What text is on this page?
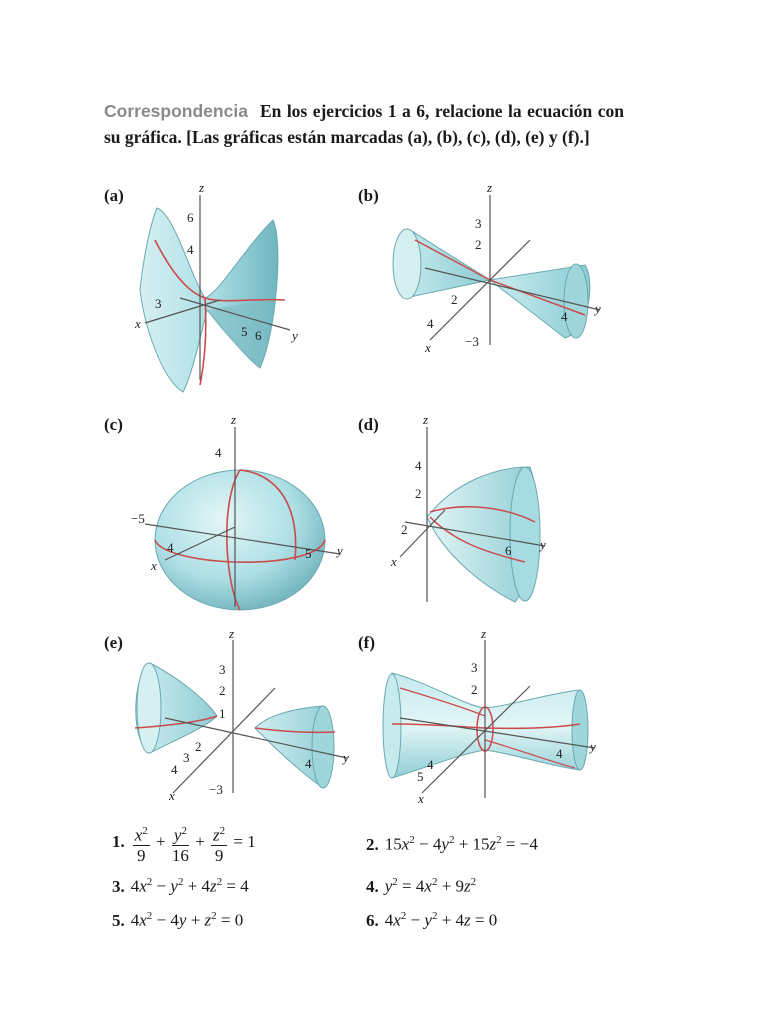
Correspondencia En los ejercicios 1 a 6, relacione la ecuación con su gráfica. [Las gráficas están marcadas (a), (b), (c), (d), (e) y (f).]
(a)	(b)
(c)	(d)
(e)	(f)
z
x
y
6
4
3
5 6
z
x
y
3
2
2
4	4
−3
z
x
y
4
−5
4	5
z
x
y
4
2
2
6
z
x
y
3
2
1
2
3
4	4
−3
z
x
y
3
2
4
5
4
1. $\frac{x^2}{9} + \frac{y^2}{16} + \frac{z^2}{9} = 1$	2. $15x^2 - 4y^2 + 15z^2 = -4$
3. $4x^2 - y^2 + 4z^2 = 4$	4. $y^2 = 4x^2 + 9z^2$
5. $4x^2 - 4y + z^2 = 0$	6. $4x^2 - y^2 + 4z = 0$
